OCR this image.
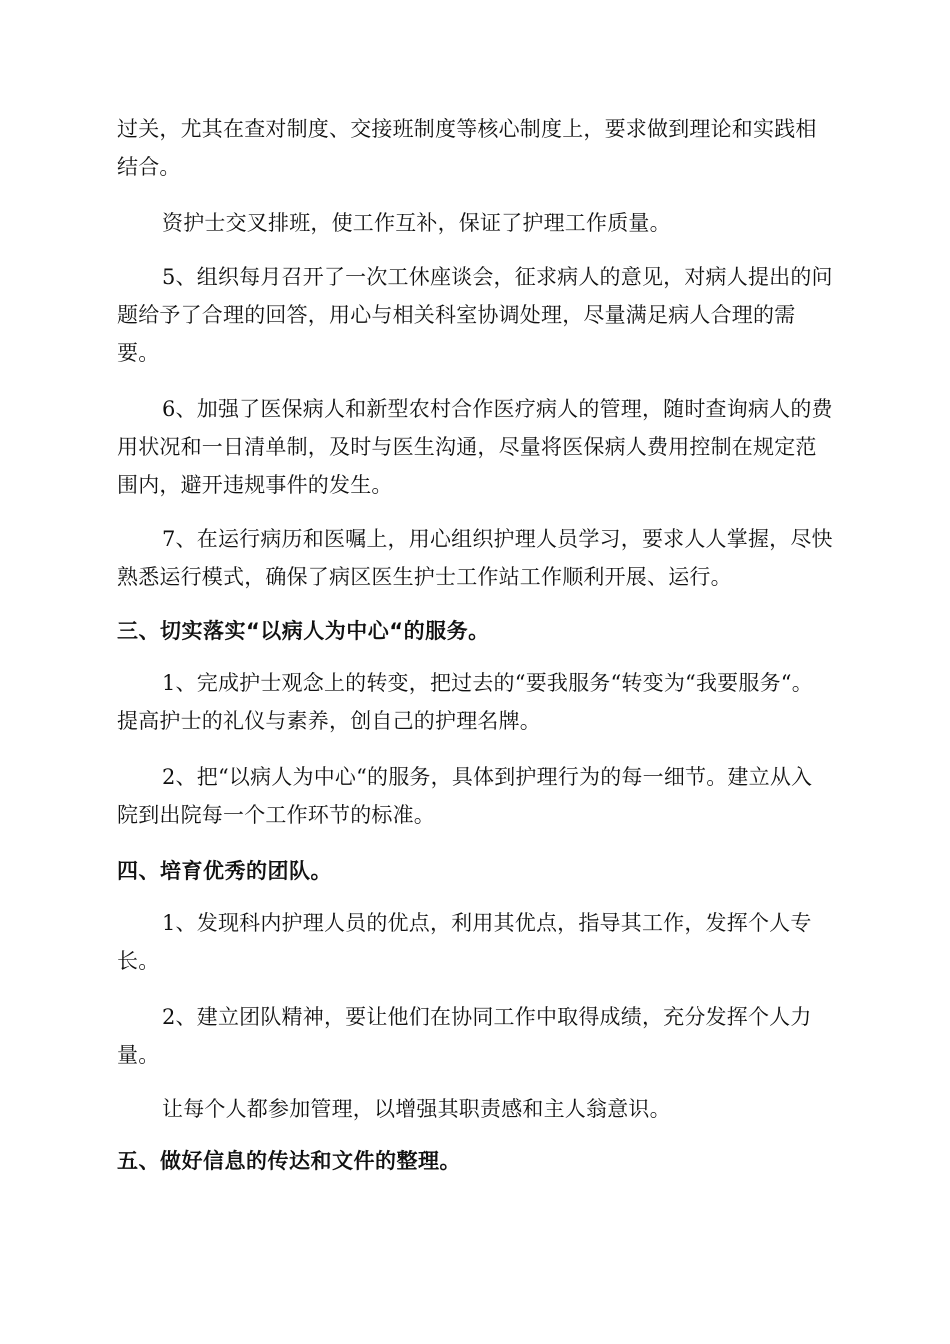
过关，尤其在查对制度、交接班制度等核心制度上，要求做到理论和实践相结合。

资护士交叉排班，使工作互补，保证了护理工作质量。

5、组织每月召开了一次工休座谈会，征求病人的意见，对病人提出的问题给予了合理的回答，用心与相关科室协调处理，尽量满足病人合理的需要。

6、加强了医保病人和新型农村合作医疗病人的管理，随时查询病人的费用状况和一日清单制，及时与医生沟通，尽量将医保病人费用控制在规定范围内，避开违规事件的发生。

7、在运行病历和医嘱上，用心组织护理人员学习，要求人人掌握，尽快熟悉运行模式，确保了病区医生护士工作站工作顺利开展、运行。

三、切实落实“以病人为中心“的服务。

1、完成护士观念上的转变，把过去的“要我服务“转变为“我要服务“。提高护士的礼仪与素养，创自己的护理名牌。

2、把“以病人为中心“的服务，具体到护理行为的每一细节。建立从入院到出院每一个工作环节的标准。

四、培育优秀的团队。

1、发现科内护理人员的优点，利用其优点，指导其工作，发挥个人专长。

2、建立团队精神，要让他们在协同工作中取得成绩，充分发挥个人力量。

让每个人都参加管理，以增强其职责感和主人翁意识。

五、做好信息的传达和文件的整理。
